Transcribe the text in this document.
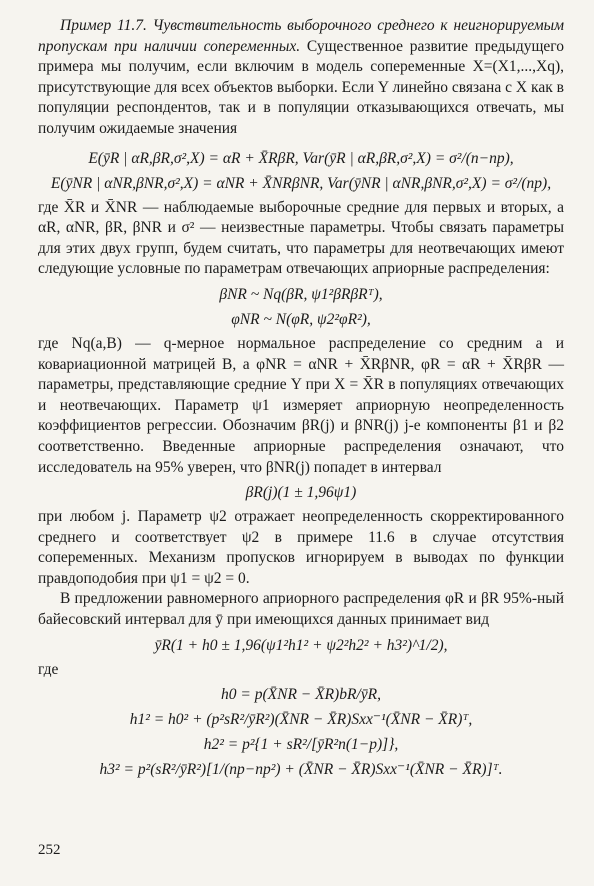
Пример 11.7. Чувствительность выборочного среднего к неигнорируемым пропускам при наличии сопеременных. Существенное развитие предыдущего примера мы получим, если включим в модель сопеременные X=(X1,...,Xq), присутствующие для всех объектов выборки. Если Y линейно связана с X как в популяции респондентов, так и в популяции отказывающихся отвечать, мы получим ожидаемые значения

E(ȳR | αR,βR,σ²,X) = αR + X̄RβR, Var(ȳR | αR,βR,σ²,X) = σ²/(n−np),
E(ȳNR | αNR,βNR,σ²,X) = αNR + X̄NRβNR, Var(ȳNR | αNR,βNR,σ²,X) = σ²/(np),

где X̄R и X̄NR — наблюдаемые выборочные средние для первых и вторых, а αR, αNR, βR, βNR и σ² — неизвестные параметры. Чтобы связать параметры для этих двух групп, будем считать, что параметры для неотвечающих имеют следующие условные по параметрам отвечающих априорные распределения:

βNR ~ Nq(βR, ψ1²βRβRᵀ),
φNR ~ N(φR, ψ2²φR²),

где Nq(a,B) — q-мерное нормальное распределение со средним a и ковариационной матрицей B, а φNR = αNR + X̄RβNR, φR = αR + X̄RβR — параметры, представляющие средние Y при X = X̄R в популяциях отвечающих и неотвечающих. Параметр ψ1 измеряет априорную неопределенность коэффициентов регрессии. Обозначим βR(j) и βNR(j) j-е компоненты β1 и β2 соответственно. Введенные априорные распределения означают, что исследователь на 95% уверен, что βNR(j) попадет в интервал

βR(j)(1 ± 1,96ψ1)

при любом j. Параметр ψ2 отражает неопределенность скорректированного среднего и соответствует ψ2 в примере 11.6 в случае отсутствия сопеременных. Механизм пропусков игнорируем в выводах по функции правдоподобия при ψ1 = ψ2 = 0.

В предложении равномерного априорного распределения φR и βR 95%-ный байесовский интервал для ȳ при имеющихся данных принимает вид

ȳR(1 + h0 ± 1,96(ψ1²h1² + ψ2²h2² + h3²)^1/2),
где
h0 = p(X̄NR − X̄R)bR/ȳR,
h1² = h0² + (p²sR²/ȳR²)(X̄NR − X̄R)Sxx⁻¹(X̄NR − X̄R)ᵀ,
h2² = p²{1 + sR²/[ȳR²n(1−p)]},
h3² = p²(sR²/ȳR²)[1/(np−np²) + (X̄NR − X̄R)Sxx⁻¹(X̄NR − X̄R)]ᵀ.
252
